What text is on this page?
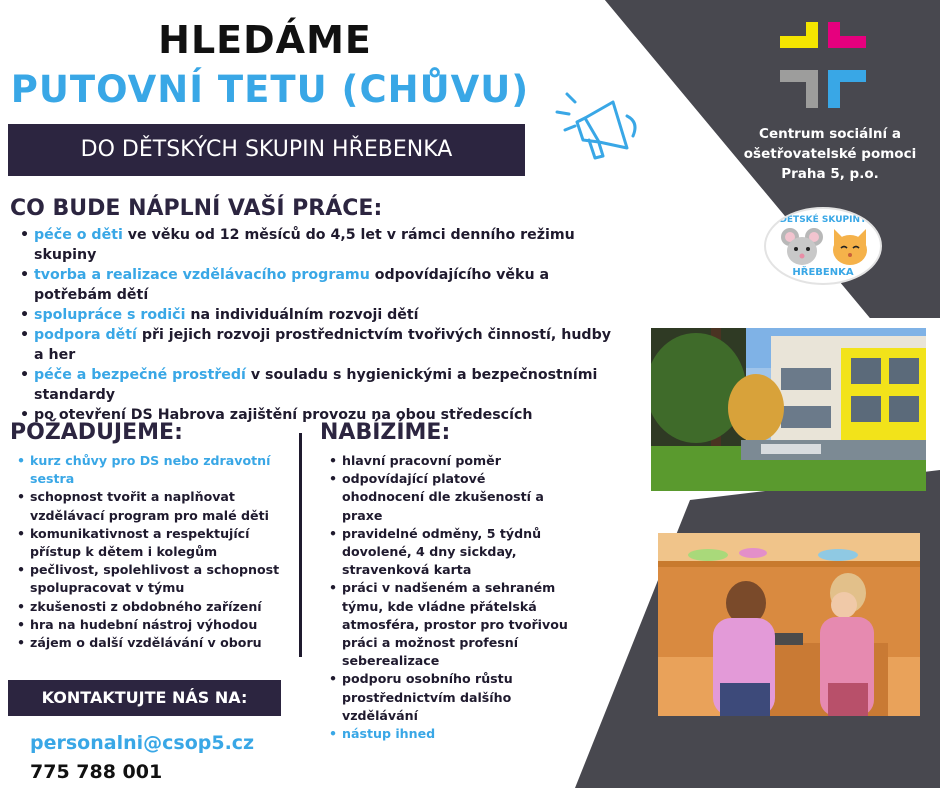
HLEDÁME
PUTOVNÍ TETU (CHŮVU)
DO DĚTSKÝCH SKUPIN HŘEBENKA
CO BUDE NÁPLNÍ VAŠÍ PRÁCE:
• péče o děti ve věku od 12 měsíců do 4,5 let v rámci denního režimu skupiny
• tvorba a realizace vzdělávacího programu odpovídajícího věku a potřebám dětí
• spolupráce s rodiči na individuálním rozvoji dětí
• podpora dětí při jejich rozvoji prostřednictvím tvořivých činností, hudby a her
• péče a bezpečné prostředí v souladu s hygienickými a bezpečnostními standardy
• po otevření DS Habrova zajištění provozu na obou středescích
POŽADUJEME:
• kurz chůvy pro DS nebo zdravotní sestra
• schopnost tvořit a naplňovat vzdělávací program pro malé děti
• komunikativnost a respektující přístup k dětem i kolegům
• pečlivost, spolehlivost a schopnost spolupracovat v týmu
• zkušenosti z obdobného zařízení
• hra na hudební nástroj výhodou
• zájem o další vzdělávání v oboru
NABÍZÍME:
• hlavní pracovní poměr
• odpovídající platové ohodnocení dle zkušeností a praxe
• pravidelné odměny, 5 týdnů dovolené, 4 dny sickday, stravenková karta
• práci v nadšeném a sehraném týmu, kde vládne přátelská atmosféra, prostor pro tvořivou práci a možnost profesní seberealizace
• podporu osobního růstu prostřednictvím dalšího vzdělávání
• nástup ihned
KONTAKTUJTE NÁS NA:
personalni@csop5.cz
775 788 001
Centrum sociální a
ošetřovatelské pomoci
Praha 5, p.o.
DĚTSKÉ SKUPINY
HŘEBENKA
